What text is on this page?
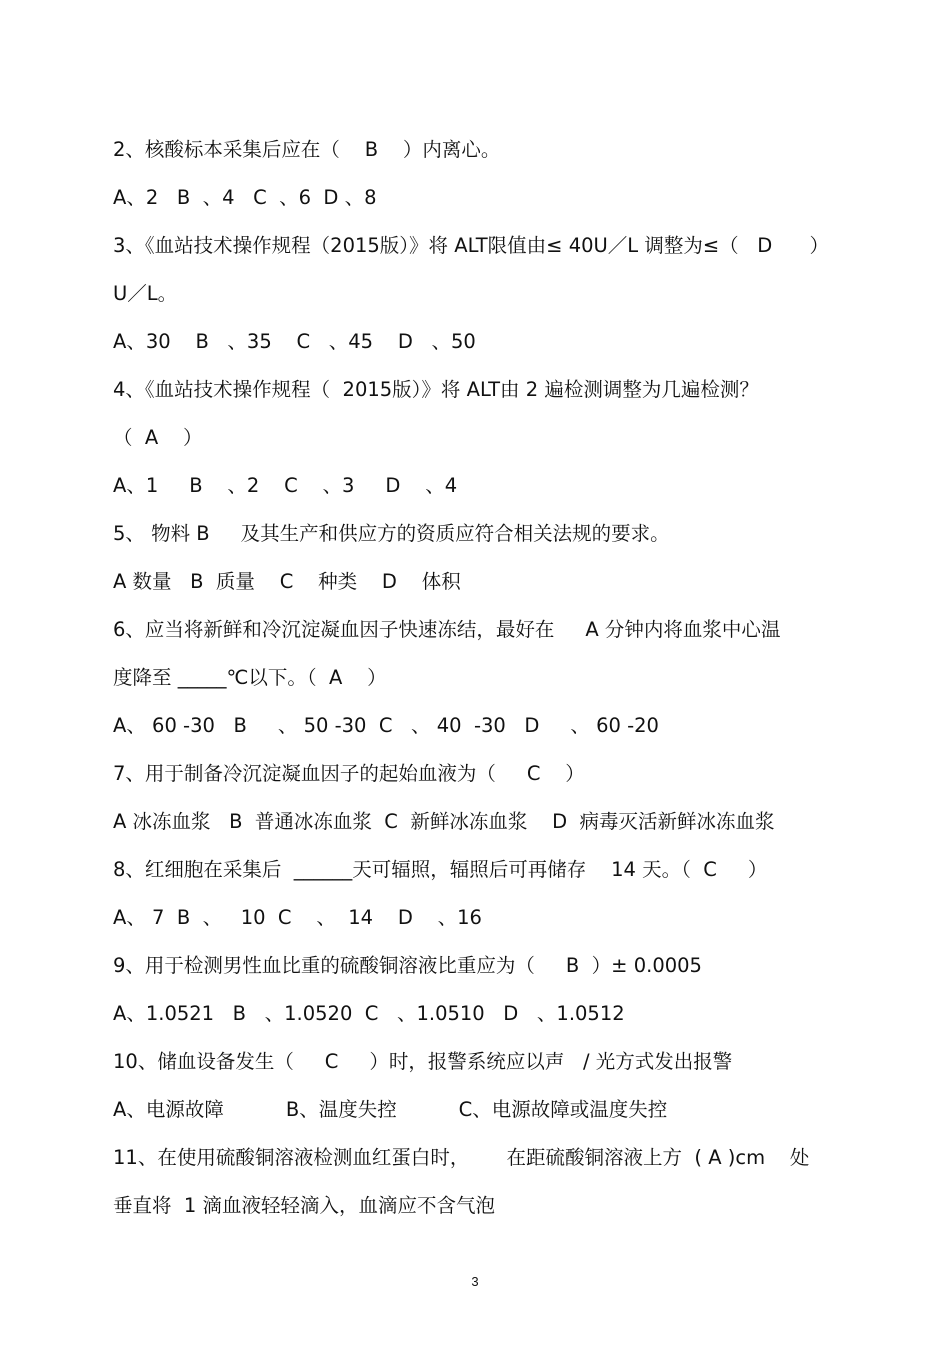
2、核酸标本采集后应在（    B    ）内离心。
A、2   B  、4   C  、6  D 、8
3、《血站技术操作规程（2015版）》将 ALT限值由≤ 40U／L 调整为≤（   D      ）
U／L。
A、30    B   、35    C   、45    D   、50
4、《血站技术操作规程（  2015版）》将 ALT由 2 遍检测调整为几遍检测？
（  A    ）
A、1     B    、2    C    、3     D    、4
5、 物料 B     及其生产和供应方的资质应符合相关法规的要求。
A 数量   B  质量    C    种类    D    体积
6、应当将新鲜和冷沉淀凝血因子快速冻结，最好在     A 分钟内将血浆中心温
度降至 _____℃以下。（  A    ）
A、 60 -30   B     、 50 -30  C   、 40  -30   D     、 60 -20
7、用于制备冷沉淀凝血因子的起始血液为（     C    ）
A 冰冻血浆   B  普通冰冻血浆  C  新鲜冰冻血浆    D  病毒灭活新鲜冰冻血浆
8、红细胞在采集后  ______天可辐照，辐照后可再储存    14 天。（  C     ）
A、 7  B  、   10  C    、  14    D    、16
9、用于检测男性血比重的硫酸铜溶液比重应为（     B  ）± 0.0005
A、1.0521   B   、1.0520  C   、1.0510   D   、1.0512
10、储血设备发生（     C     ）时，报警系统应以声   / 光方式发出报警
A、电源故障          B、温度失控          C、电源故障或温度失控
11、在使用硫酸铜溶液检测血红蛋白时，      在距硫酸铜溶液上方  ( A )cm    处
垂直将  1 滴血液轻轻滴入，血滴应不含气泡
3
